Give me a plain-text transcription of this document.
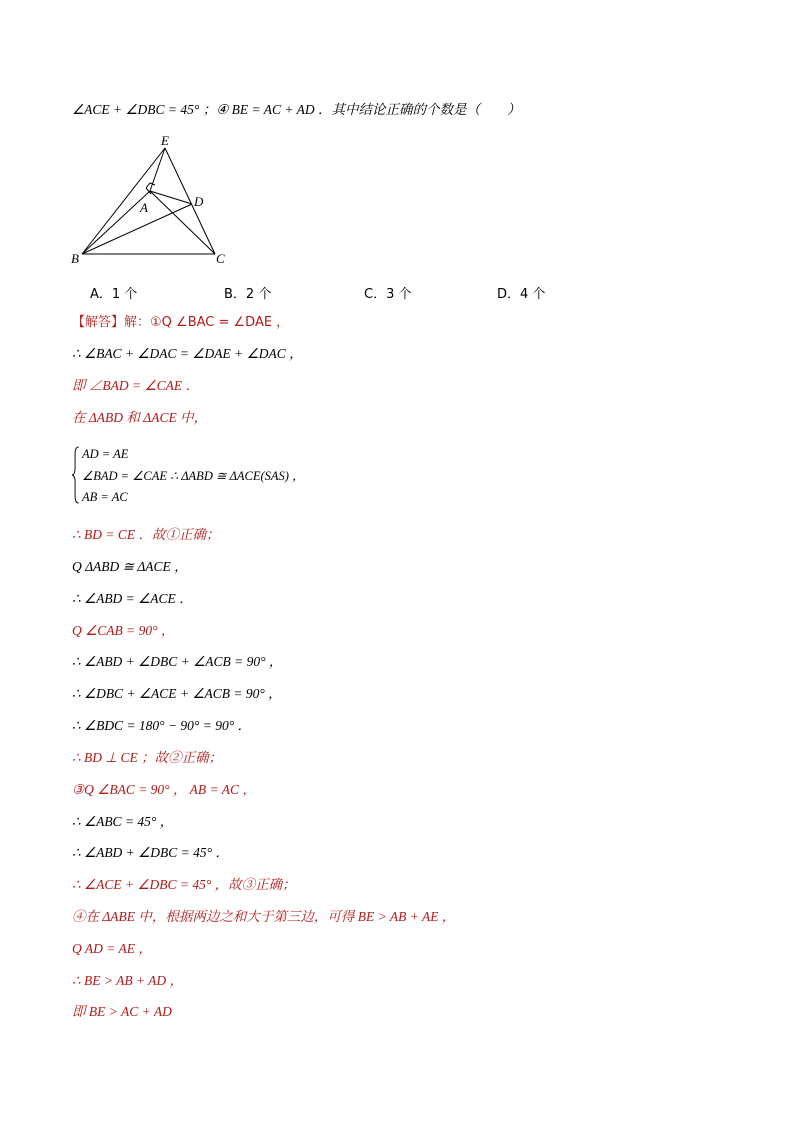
∠ACE + ∠DBC = 45° ；④ BE = AC + AD ．其中结论正确的个数是（　　）
E
A	D
B	C
A．1 个	B．2 个	C．3 个	D．4 个
【解答】解：①Q ∠BAC = ∠DAE ，
∴ ∠BAC + ∠DAC = ∠DAE + ∠DAC ，
即 ∠BAD = ∠CAE ．
在 ΔABD 和 ΔACE 中，
AD = AE
∠BAD = ∠CAE ∴ ΔABD ≅ ΔACE(SAS) ，
AB = AC
∴ BD = CE ．故①正确；
Q ΔABD ≅ ΔACE ，
∴ ∠ABD = ∠ACE ．
Q ∠CAB = 90° ，
∴ ∠ABD + ∠DBC + ∠ACB = 90° ，
∴ ∠DBC + ∠ACE + ∠ACB = 90° ，
∴ ∠BDC = 180° − 90° = 90° ．
∴ BD ⊥ CE ；故②正确；
③Q ∠BAC = 90° ， AB = AC ，
∴ ∠ABC = 45° ，
∴ ∠ABD + ∠DBC = 45° ．
∴ ∠ACE + ∠DBC = 45° ，故③正确；
④在 ΔABE 中，根据两边之和大于第三边，可得 BE > AB + AE ，
Q AD = AE ，
∴ BE > AB + AD ，
即 BE > AC + AD
